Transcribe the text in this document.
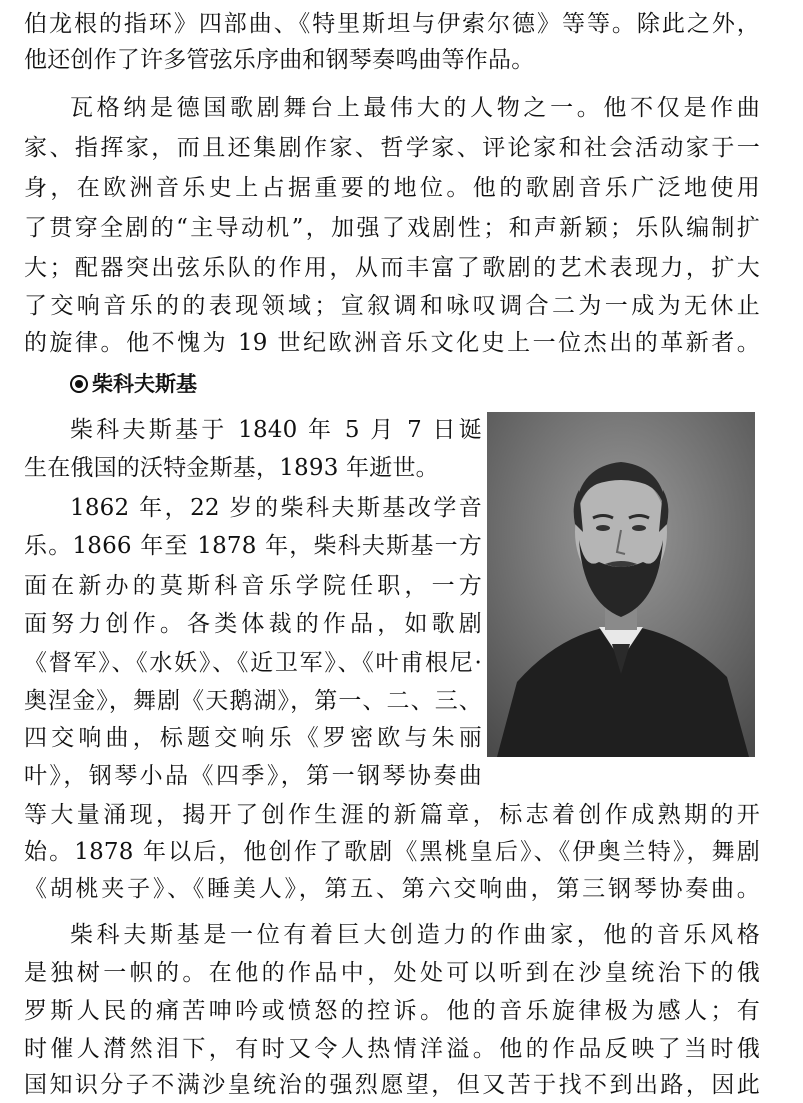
伯龙根的指环》四部曲、《特里斯坦与伊索尔德》等等。除此之外，
他还创作了许多管弦乐序曲和钢琴奏鸣曲等作品。
瓦格纳是德国歌剧舞台上最伟大的人物之一。他不仅是作曲
家、指挥家，而且还集剧作家、哲学家、评论家和社会活动家于一
身，在欧洲音乐史上占据重要的地位。他的歌剧音乐广泛地使用
了贯穿全剧的“主导动机”，加强了戏剧性；和声新颖；乐队编制扩
大；配器突出弦乐队的作用，从而丰富了歌剧的艺术表现力，扩大
了交响音乐的的表现领域；宣叙调和咏叹调合二为一成为无休止
的旋律。他不愧为 19 世纪欧洲音乐文化史上一位杰出的革新者。
柴科夫斯基
柴科夫斯基于 1840 年 5 月 7 日诞
生在俄国的沃特金斯基，1893 年逝世。
1862 年，22 岁的柴科夫斯基改学音
乐。1866 年至 1878 年，柴科夫斯基一方
面在新办的莫斯科音乐学院任职，一方
面努力创作。各类体裁的作品，如歌剧
《督军》、《水妖》、《近卫军》、《叶甫根尼·
奥涅金》，舞剧《天鹅湖》，第一、二、三、
四交响曲，标题交响乐《罗密欧与朱丽
叶》，钢琴小品《四季》，第一钢琴协奏曲
等大量涌现，揭开了创作生涯的新篇章，标志着创作成熟期的开
始。1878 年以后，他创作了歌剧《黑桃皇后》、《伊奥兰特》，舞剧
《胡桃夹子》、《睡美人》，第五、第六交响曲，第三钢琴协奏曲。
柴科夫斯基是一位有着巨大创造力的作曲家，他的音乐风格
是独树一帜的。在他的作品中，处处可以听到在沙皇统治下的俄
罗斯人民的痛苦呻吟或愤怒的控诉。他的音乐旋律极为感人；有
时催人潸然泪下，有时又令人热情洋溢。他的作品反映了当时俄
国知识分子不满沙皇统治的强烈愿望，但又苦于找不到出路，因此
